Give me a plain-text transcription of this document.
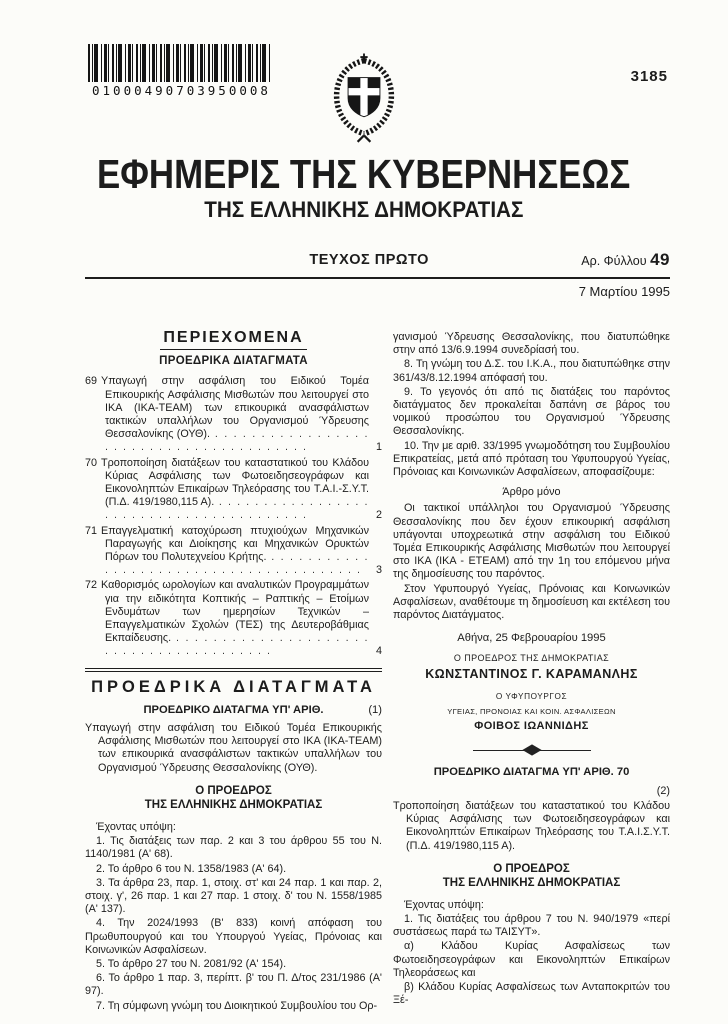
01000490703950008
3185
ΕΦΗΜΕΡΙΣ ΤΗΣ ΚΥΒΕΡΝΗΣΕΩΣ
ΤΗΣ ΕΛΛΗΝΙΚΗΣ ΔΗΜΟΚΡΑΤΙΑΣ
ΤΕΥΧΟΣ ΠΡΩΤΟ	Αρ. Φύλλου 49
7 Μαρτίου 1995
ΠΕΡΙΕΧΟΜΕΝΑ
ΠΡΟΕΔΡΙΚΑ ΔΙΑΤΑΓΜΑΤΑ
69 Υπαγωγή στην ασφάλιση του Ειδικού Τομέα Επικουρικής Ασφάλισης Μισθωτών που λειτουργεί στο ΙΚΑ (ΙΚΑ-ΤΕΑΜ) των επικουρικά ανασφάλιστων τακτικών υπαλλήλων του Οργανισμού Ύδρευσης Θεσσαλονίκης (ΟΥΘ). . . .
1
70 Τροποποίηση διατάξεων του καταστατικού του Κλάδου Κύριας Ασφάλισης των Φωτοειδησεογράφων και Εικονοληπτών Επικαίρων Τηλεόρασης του Τ.Α.Ι.-Σ.Υ.Τ. (Π.Δ. 419/1980,115 Α). . . .
2
71 Επαγγελματική κατοχύρωση πτυχιούχων Μηχανικών Παραγωγής και Διοίκησης και Μηχανικών Ορυκτών Πόρων του Πολυτεχνείου Κρήτης. . . .
3
72 Καθορισμός ωρολογίων και αναλυτικών Προγραμμάτων για την ειδικότητα Κοπτικής – Ραπτικής – Ετοίμων Ενδυμάτων των ημερησίων Τεχνικών – Επαγγελματικών Σχολών (ΤΕΣ) της Δευτεροβάθμιας Εκπαίδευσης. . . .
4
ΠΡΟΕΔΡΙΚΑ ΔΙΑΤΑΓΜΑΤΑ
ΠΡΟΕΔΡΙΚΟ ΔΙΑΤΑΓΜΑ ΥΠ' ΑΡΙΘ.	(1)
Υπαγωγή στην ασφάλιση του Ειδικού Τομέα Επικουρικής Ασφάλισης Μισθωτών που λειτουργεί στο ΙΚΑ (ΙΚΑ-ΤΕΑΜ) των επικουρικά ανασφάλιστων τακτικών υπαλλήλων του Οργανισμού Ύδρευσης Θεσσαλονίκης (ΟΥΘ).
Ο ΠΡΟΕΔΡΟΣ
ΤΗΣ ΕΛΛΗΝΙΚΗΣ ΔΗΜΟΚΡΑΤΙΑΣ
Έχοντας υπόψη:
1. Τις διατάξεις των παρ. 2 και 3 του άρθρου 55 του Ν. 1140/1981 (Α' 68).
2. Το άρθρο 6 του Ν. 1358/1983 (Α' 64).
3. Τα άρθρα 23, παρ. 1, στοιχ. στ' και 24 παρ. 1 και παρ. 2, στοιχ. γ', 26 παρ. 1 και 27 παρ. 1 στοιχ. δ' του Ν. 1558/1985 (Α' 137).
4. Την 2024/1993 (Β' 833) κοινή απόφαση του Πρωθυπουργού και του Υπουργού Υγείας, Πρόνοιας και Κοινωνικών Ασφαλίσεων.
5. Το άρθρο 27 του Ν. 2081/92 (Α' 154).
6. Το άρθρο 1 παρ. 3, περίπτ. β' του Π. Δ/τος 231/1986 (Α' 97).
7. Τη σύμφωνη γνώμη του Διοικητικού Συμβουλίου του Ορ-
γανισμού Ύδρευσης Θεσσαλονίκης, που διατυπώθηκε στην από 13/6.9.1994 συνεδρίασή του.
8. Τη γνώμη του Δ.Σ. του Ι.Κ.Α., που διατυπώθηκε στην 361/43/8.12.1994 απόφασή του.
9. Το γεγονός ότι από τις διατάξεις του παρόντος διατάγματος δεν προκαλείται δαπάνη σε βάρος του νομικού προσώπου του Οργανισμού Ύδρευσης Θεσσαλονίκης.
10. Την με αριθ. 33/1995 γνωμοδότηση του Συμβουλίου Επικρατείας, μετά από πρόταση του Υφυπουργού Υγείας, Πρόνοιας και Κοινωνικών Ασφαλίσεων, αποφασίζουμε:
Άρθρο μόνο
Οι τακτικοί υπάλληλοι του Οργανισμού Ύδρευσης Θεσσαλονίκης που δεν έχουν επικουρική ασφάλιση υπάγονται υποχρεωτικά στην ασφάλιση του Ειδικού Τομέα Επικουρικής Ασφάλισης Μισθωτών που λειτουργεί στο ΙΚΑ (ΙΚΑ - ΕΤΕΑΜ) από την 1η του επόμενου μήνα της δημοσίευσης του παρόντος.
Στον Υφυπουργό Υγείας, Πρόνοιας και Κοινωνικών Ασφαλίσεων, αναθέτουμε τη δημοσίευση και εκτέλεση του παρόντος Διατάγματος.
Αθήνα, 25 Φεβρουαρίου 1995
Ο ΠΡΟΕΔΡΟΣ ΤΗΣ ΔΗΜΟΚΡΑΤΙΑΣ
ΚΩΝΣΤΑΝΤΙΝΟΣ Γ. ΚΑΡΑΜΑΝΛΗΣ
Ο ΥΦΥΠΟΥΡΓΟΣ
ΥΓΕΙΑΣ, ΠΡΟΝΟΙΑΣ ΚΑΙ ΚΟΙΝ. ΑΣΦΑΛΙΣΕΩΝ
ΦΟΙΒΟΣ ΙΩΑΝΝΙΔΗΣ
ΠΡΟΕΔΡΙΚΟ ΔΙΑΤΑΓΜΑ ΥΠ' ΑΡΙΘ. 70
(2)
Τροποποίηση διατάξεων του καταστατικού του Κλάδου Κύριας Ασφάλισης των Φωτοειδησεογράφων και Εικονοληπτών Επικαίρων Τηλεόρασης του Τ.Α.Ι.Σ.Υ.Τ. (Π.Δ. 419/1980,115 Α).
Ο ΠΡΟΕΔΡΟΣ
ΤΗΣ ΕΛΛΗΝΙΚΗΣ ΔΗΜΟΚΡΑΤΙΑΣ
Έχοντας υπόψη:
1. Τις διατάξεις του άρθρου 7 του Ν. 940/1979 «περί συστάσεως παρά τω ΤΑΙΣΥΤ».
α) Κλάδου Κυρίας Ασφαλίσεως των Φωτοειδησεογράφων και Εικονοληπτών Επικαίρων Τηλεοράσεως και
β) Κλάδου Κυρίας Ασφαλίσεως των Ανταποκριτών του Ξέ-
